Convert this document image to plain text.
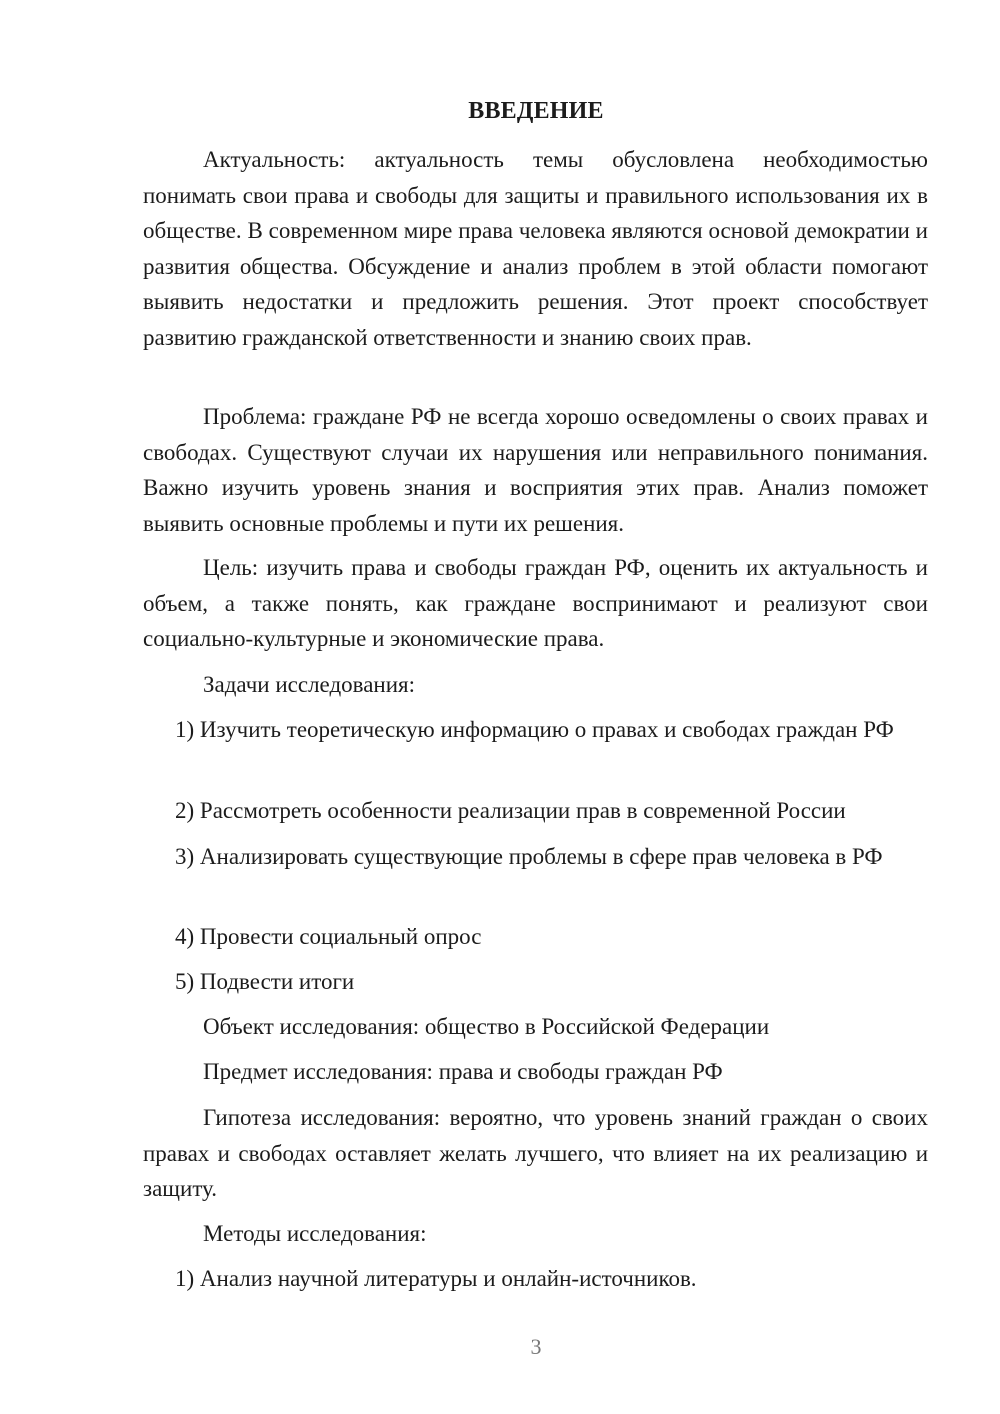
ВВЕДЕНИЕ
Актуальность: актуальность темы обусловлена необходимостью понимать свои права и свободы для защиты и правильного использования их в обществе. В современном мире права человека являются основой демократии и развития общества. Обсуждение и анализ проблем в этой области помогают выявить недостатки и предложить решения. Этот проект способствует развитию гражданской ответственности и знанию своих прав.
Проблема: граждане РФ не всегда хорошо осведомлены о своих правах и свободах. Существуют случаи их нарушения или неправильного понимания. Важно изучить уровень знания и восприятия этих прав. Анализ поможет выявить основные проблемы и пути их решения.
Цель: изучить права и свободы граждан РФ, оценить их актуальность и объем, а также понять, как граждане воспринимают и реализуют свои социально-культурные и экономические права.
Задачи исследования:
1) Изучить теоретическую информацию о правах и свободах граждан РФ
2) Рассмотреть особенности реализации прав в современной России
3) Анализировать существующие проблемы в сфере прав человека в РФ
4) Провести социальный опрос
5) Подвести итоги
Объект исследования: общество в Российской Федерации
Предмет исследования: права и свободы граждан РФ
Гипотеза исследования: вероятно, что уровень знаний граждан о своих правах и свободах оставляет желать лучшего, что влияет на их реализацию и защиту.
Методы исследования:
1) Анализ научной литературы и онлайн-источников.
3
